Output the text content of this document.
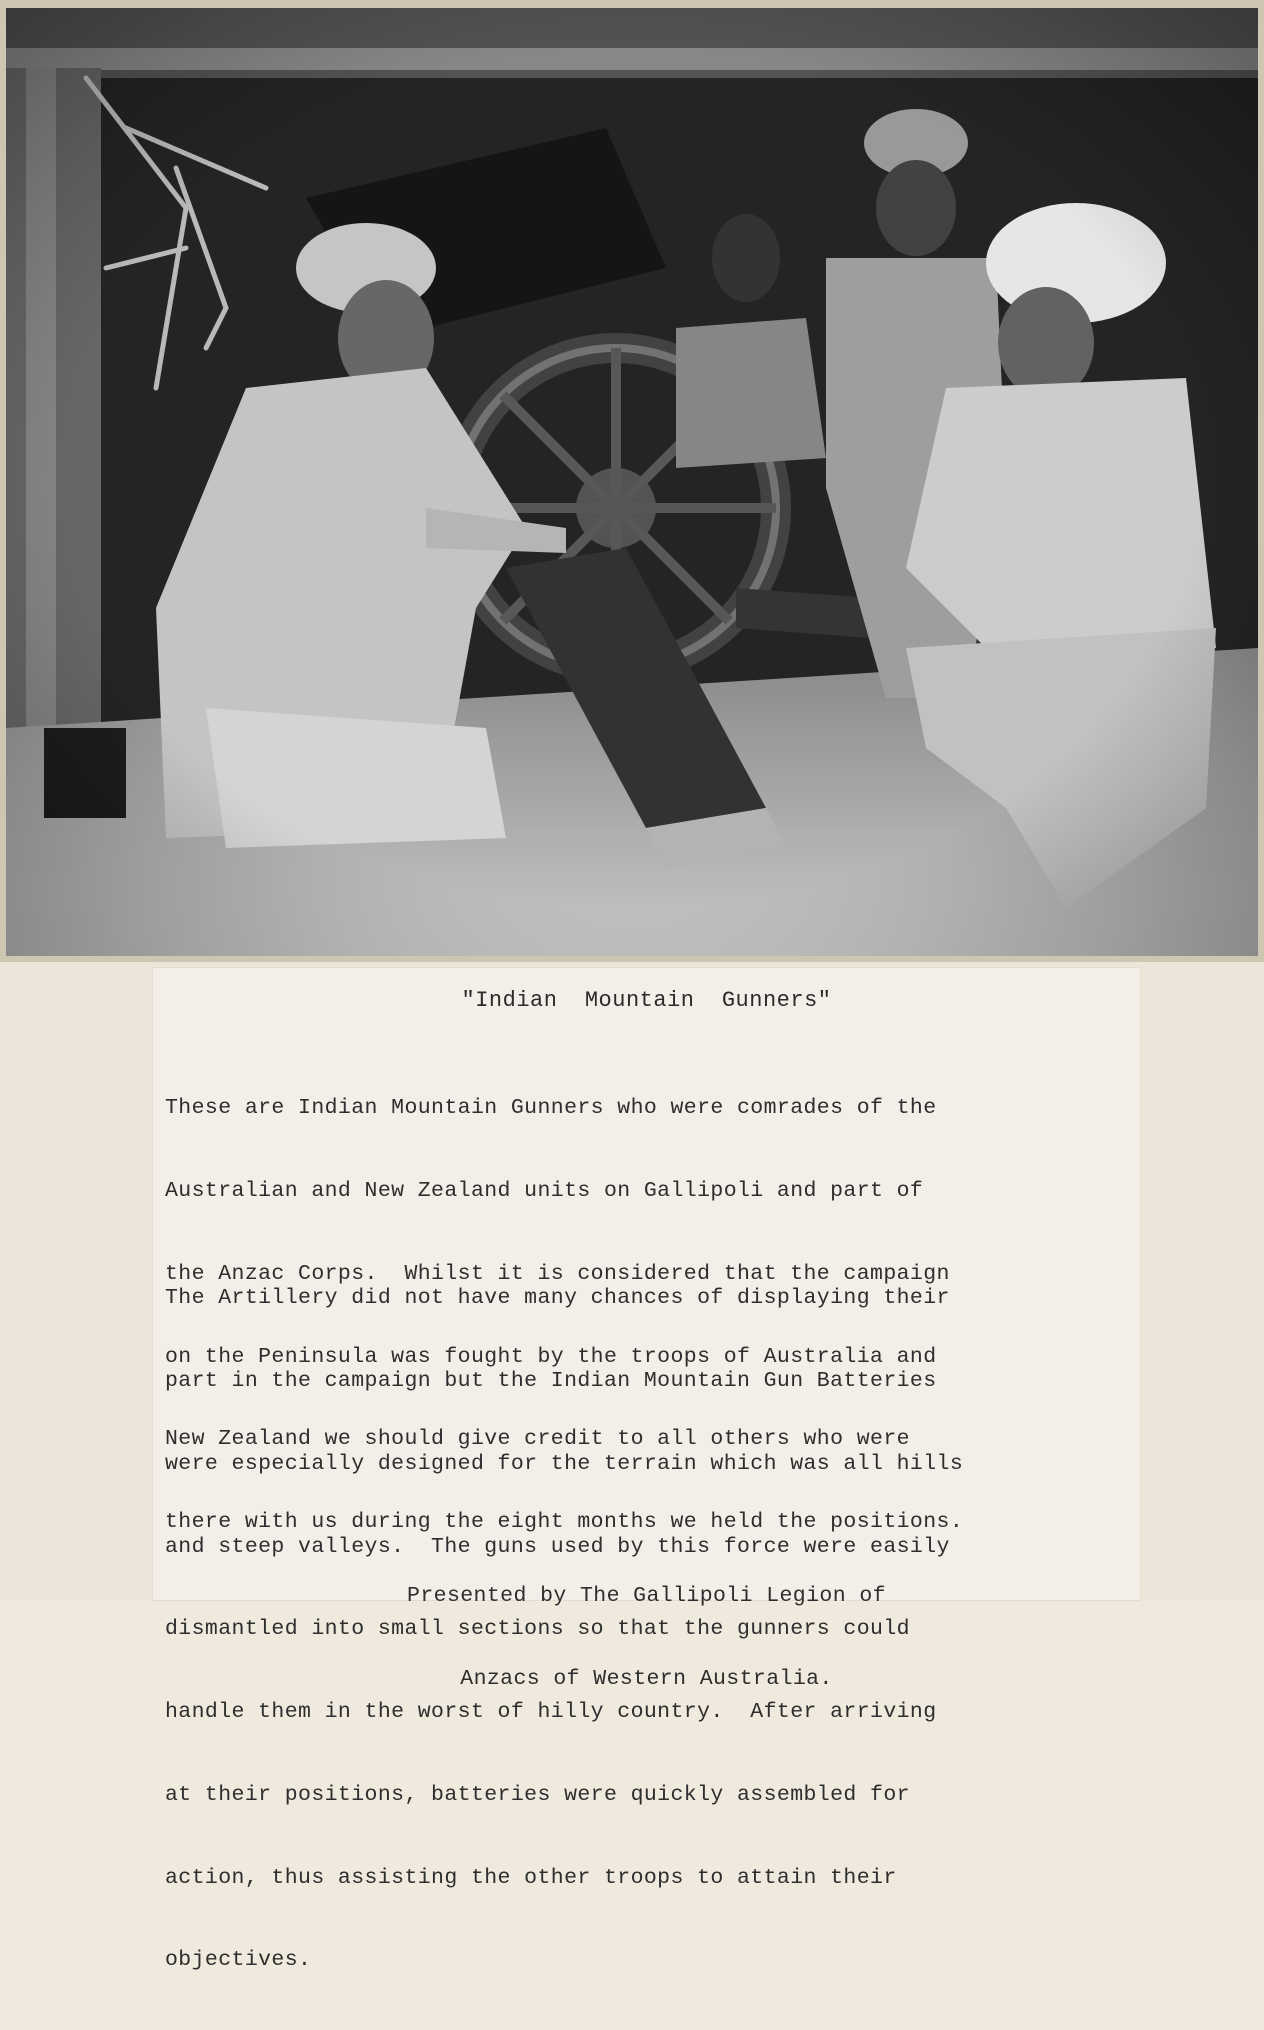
"Indian  Mountain  Gunners"

These are Indian Mountain Gunners who were comrades of the

Australian and New Zealand units on Gallipoli and part of

the Anzac Corps.  Whilst it is considered that the campaign

on the Peninsula was fought by the troops of Australia and

New Zealand we should give credit to all others who were

there with us during the eight months we held the positions.

The Artillery did not have many chances of displaying their

part in the campaign but the Indian Mountain Gun Batteries

were especially designed for the terrain which was all hills

and steep valleys.  The guns used by this force were easily

dismantled into small sections so that the gunners could

handle them in the worst of hilly country.  After arriving

at their positions, batteries were quickly assembled for

action, thus assisting the other troops to attain their

objectives.

Presented by The Gallipoli Legion of

Anzacs of Western Australia.
